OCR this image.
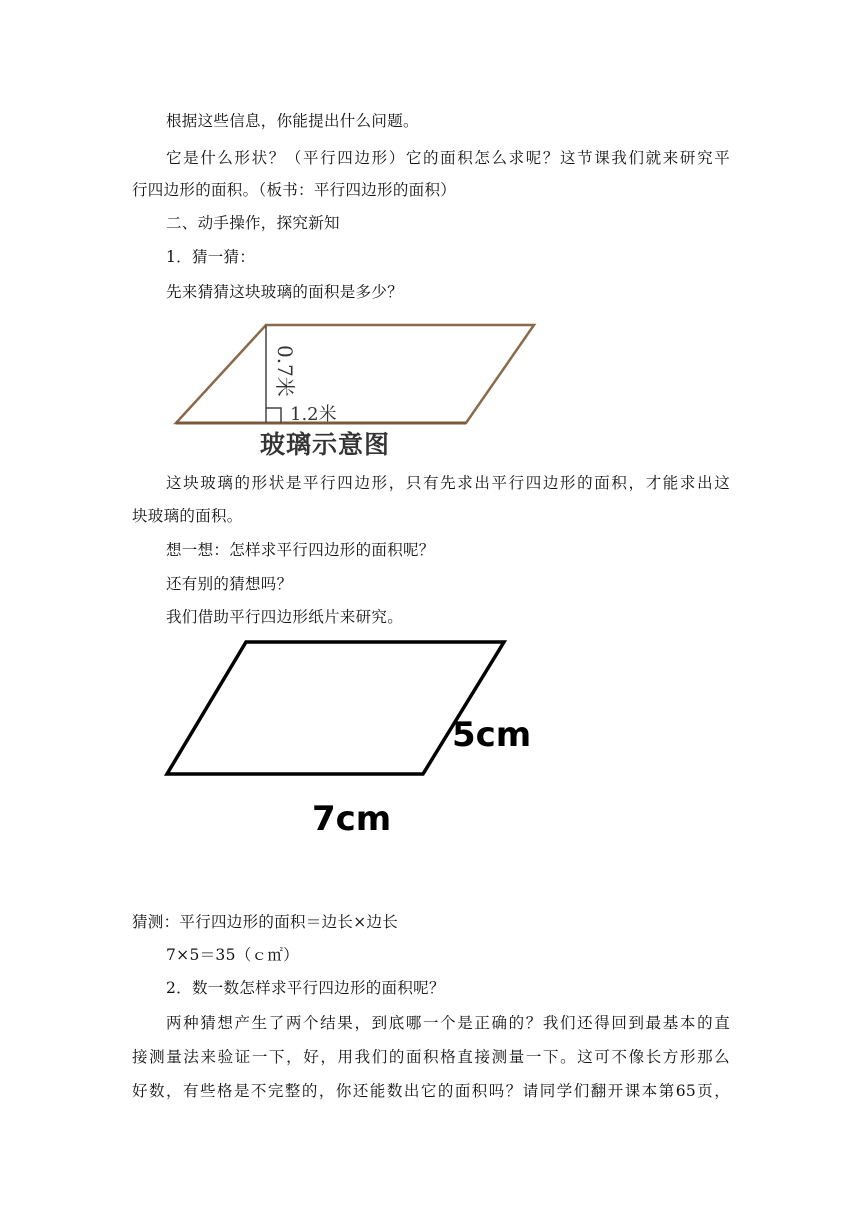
根据这些信息，你能提出什么问题。
它是什么形状？（平行四边形）它的面积怎么求呢？这节课我们就来研究平
行四边形的面积。（板书：平行四边形的面积）
二、动手操作，探究新知
1．猜一猜：
先来猜猜这块玻璃的面积是多少？
0.7米
1.2米
玻璃示意图
这块玻璃的形状是平行四边形，只有先求出平行四边形的面积，才能求出这
块玻璃的面积。
想一想：怎样求平行四边形的面积呢？
还有别的猜想吗？
我们借助平行四边形纸片来研究。
5cm
7cm
猜测：平行四边形的面积＝边长×边长
7×5＝35（ｃ㎡）
2．数一数怎样求平行四边形的面积呢？
两种猜想产生了两个结果，到底哪一个是正确的？我们还得回到最基本的直
接测量法来验证一下，好，用我们的面积格直接测量一下。这可不像长方形那么
好数，有些格是不完整的，你还能数出它的面积吗？请同学们翻开课本第65页，
